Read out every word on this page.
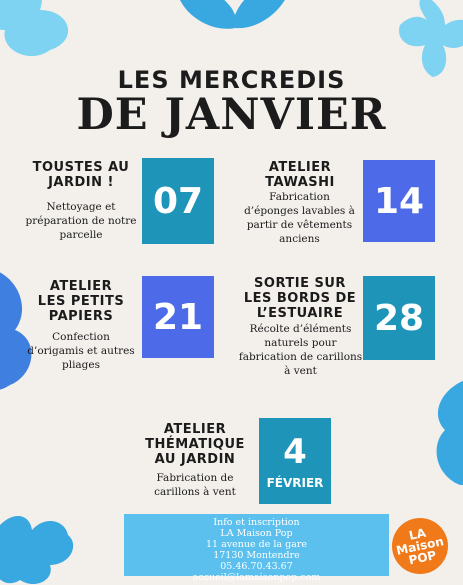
LES MERCREDIS
DE JANVIER
TOUSTES AU
JARDIN !
Nettoyage et
préparation de notre
parcelle
07
ATELIER
TAWASHI
Fabrication
d’éponges lavables à
partir de vêtements
anciens
14
ATELIER
LES PETITS
PAPIERS
Confection
d’origamis et autres
pliages
21
SORTIE SUR
LES BORDS DE
L’ESTUAIRE
Récolte d’éléments
naturels pour
fabrication de carillons
à vent
28
ATELIER
THÉMATIQUE
AU JARDIN
Fabrication de
carillons à vent
4
FÉVRIER
Info et inscription
LA Maison Pop
11 avenue de la gare
17130 Montendre
05.46.70.43.67
accueil@lamaisonpop.com
LA Maison POP
